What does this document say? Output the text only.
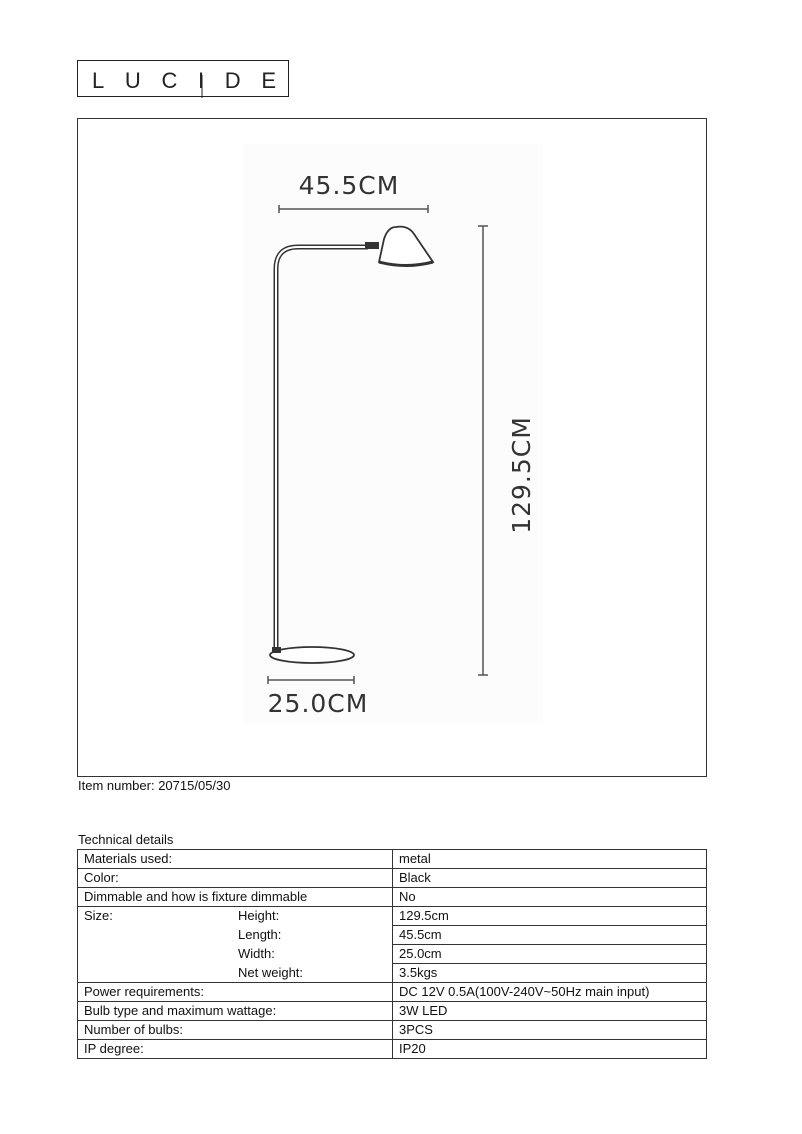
LUCIDE
45.5CM
129.5CM
25.0CM
Item number: 20715/05/30
Technical details
Materials used:	metal
Color:	Black
Dimmable and how is fixture dimmable	No
Size: Height:	129.5cm

Length:	45.5cm

Width:	25.0cm

Net weight:	3.5kgs
Power requirements:	DC 12V 0.5A(100V-240V~50Hz main input)
Bulb type and maximum wattage:	3W LED
Number of bulbs:	3PCS
IP degree:	IP20
